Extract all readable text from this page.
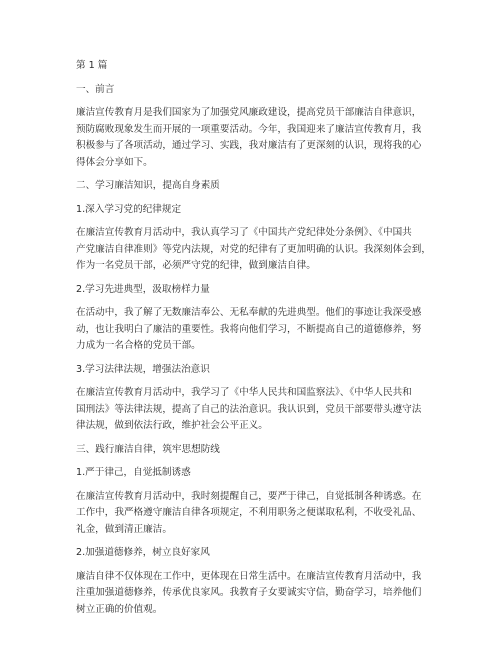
第 1 篇

一、前言

廉洁宣传教育月是我们国家为了加强党风廉政建设，提高党员干部廉洁自律意识，

预防腐败现象发生而开展的一项重要活动。今年，我国迎来了廉洁宣传教育月，我

积极参与了各项活动，通过学习、实践，我对廉洁有了更深刻的认识，现将我的心

得体会分享如下。

二、学习廉洁知识，提高自身素质

1.深入学习党的纪律规定

在廉洁宣传教育月活动中，我认真学习了《中国共产党纪律处分条例》、《中国共

产党廉洁自律准则》等党内法规，对党的纪律有了更加明确的认识。我深刻体会到，

作为一名党员干部，必须严守党的纪律，做到廉洁自律。

2.学习先进典型，汲取榜样力量

在活动中，我了解了无数廉洁奉公、无私奉献的先进典型。他们的事迹让我深受感

动，也让我明白了廉洁的重要性。我将向他们学习，不断提高自己的道德修养，努

力成为一名合格的党员干部。

3.学习法律法规，增强法治意识

在廉洁宣传教育月活动中，我学习了《中华人民共和国监察法》、《中华人民共和

国刑法》等法律法规，提高了自己的法治意识。我认识到，党员干部要带头遵守法

律法规，做到依法行政，维护社会公平正义。

三、践行廉洁自律，筑牢思想防线

1.严于律己，自觉抵制诱惑

在廉洁宣传教育月活动中，我时刻提醒自己，要严于律己，自觉抵制各种诱惑。在

工作中，我严格遵守廉洁自律各项规定，不利用职务之便谋取私利，不收受礼品、

礼金，做到清正廉洁。

2.加强道德修养，树立良好家风

廉洁自律不仅体现在工作中，更体现在日常生活中。在廉洁宣传教育月活动中，我

注重加强道德修养，传承优良家风。我教育子女要诚实守信，勤奋学习，培养他们

树立正确的价值观。
